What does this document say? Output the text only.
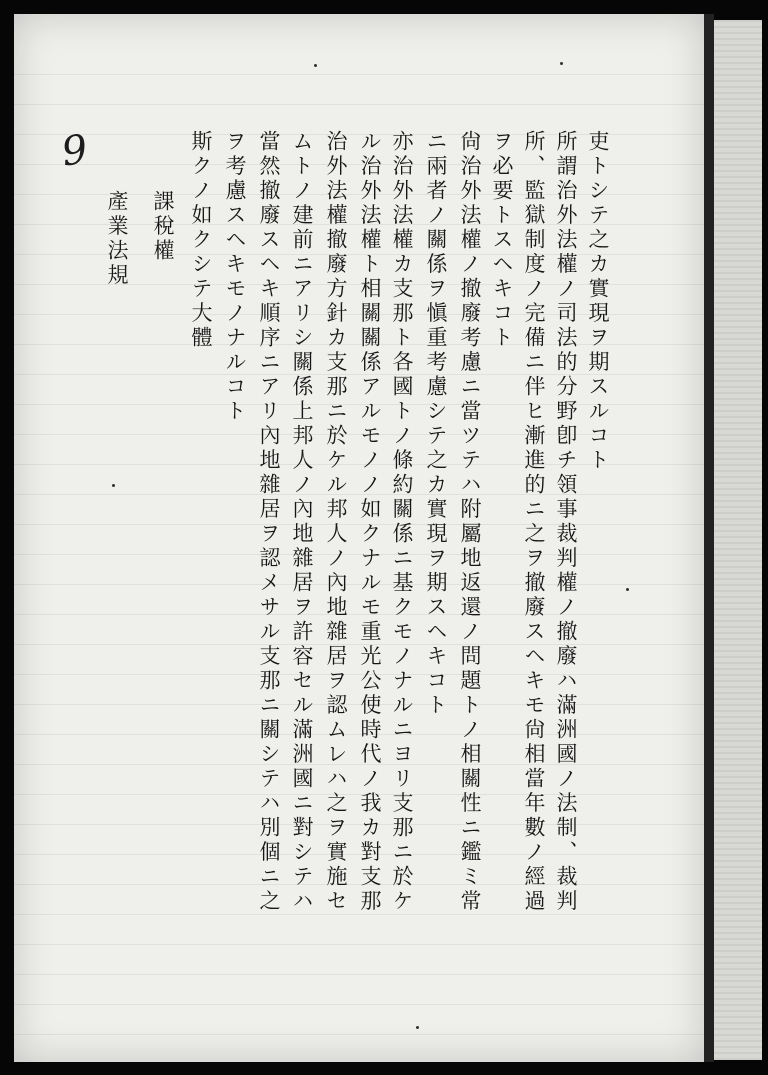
9	吏トシテ之カ實現ヲ期スルコト
所謂治外法權ノ司法的分野卽チ領事裁判權ノ撤廢ハ滿洲國ノ法制、裁判
所、監獄制度ノ完備ニ伴ヒ漸進的ニ之ヲ撤廢スヘキモ尙相當年數ノ經過
ヲ必要トスヘキコト
尙治外法權ノ撤廢考慮ニ當ツテハ附屬地返還ノ問題トノ相關性ニ鑑ミ常
ニ兩者ノ關係ヲ愼重考慮シテ之カ實現ヲ期スヘキコト
亦治外法權カ支那ト各國トノ條約關係ニ基クモノナルニヨリ支那ニ於ケ
ル治外法權ト相關關係アルモノノ如クナルモ重光公使時代ノ我カ對支那
治外法權撤廢方針カ支那ニ於ケル邦人ノ內地雜居ヲ認ムレハ之ヲ實施セ
ムトノ建前ニアリシ關係上邦人ノ內地雜居ヲ許容セル滿洲國ニ對シテハ
當然撤廢スヘキ順序ニアリ內地雜居ヲ認メサル支那ニ關シテハ別個ニ之
ヲ考慮スヘキモノナルコト
斯クノ如クシテ大體
課稅權
產業法規
